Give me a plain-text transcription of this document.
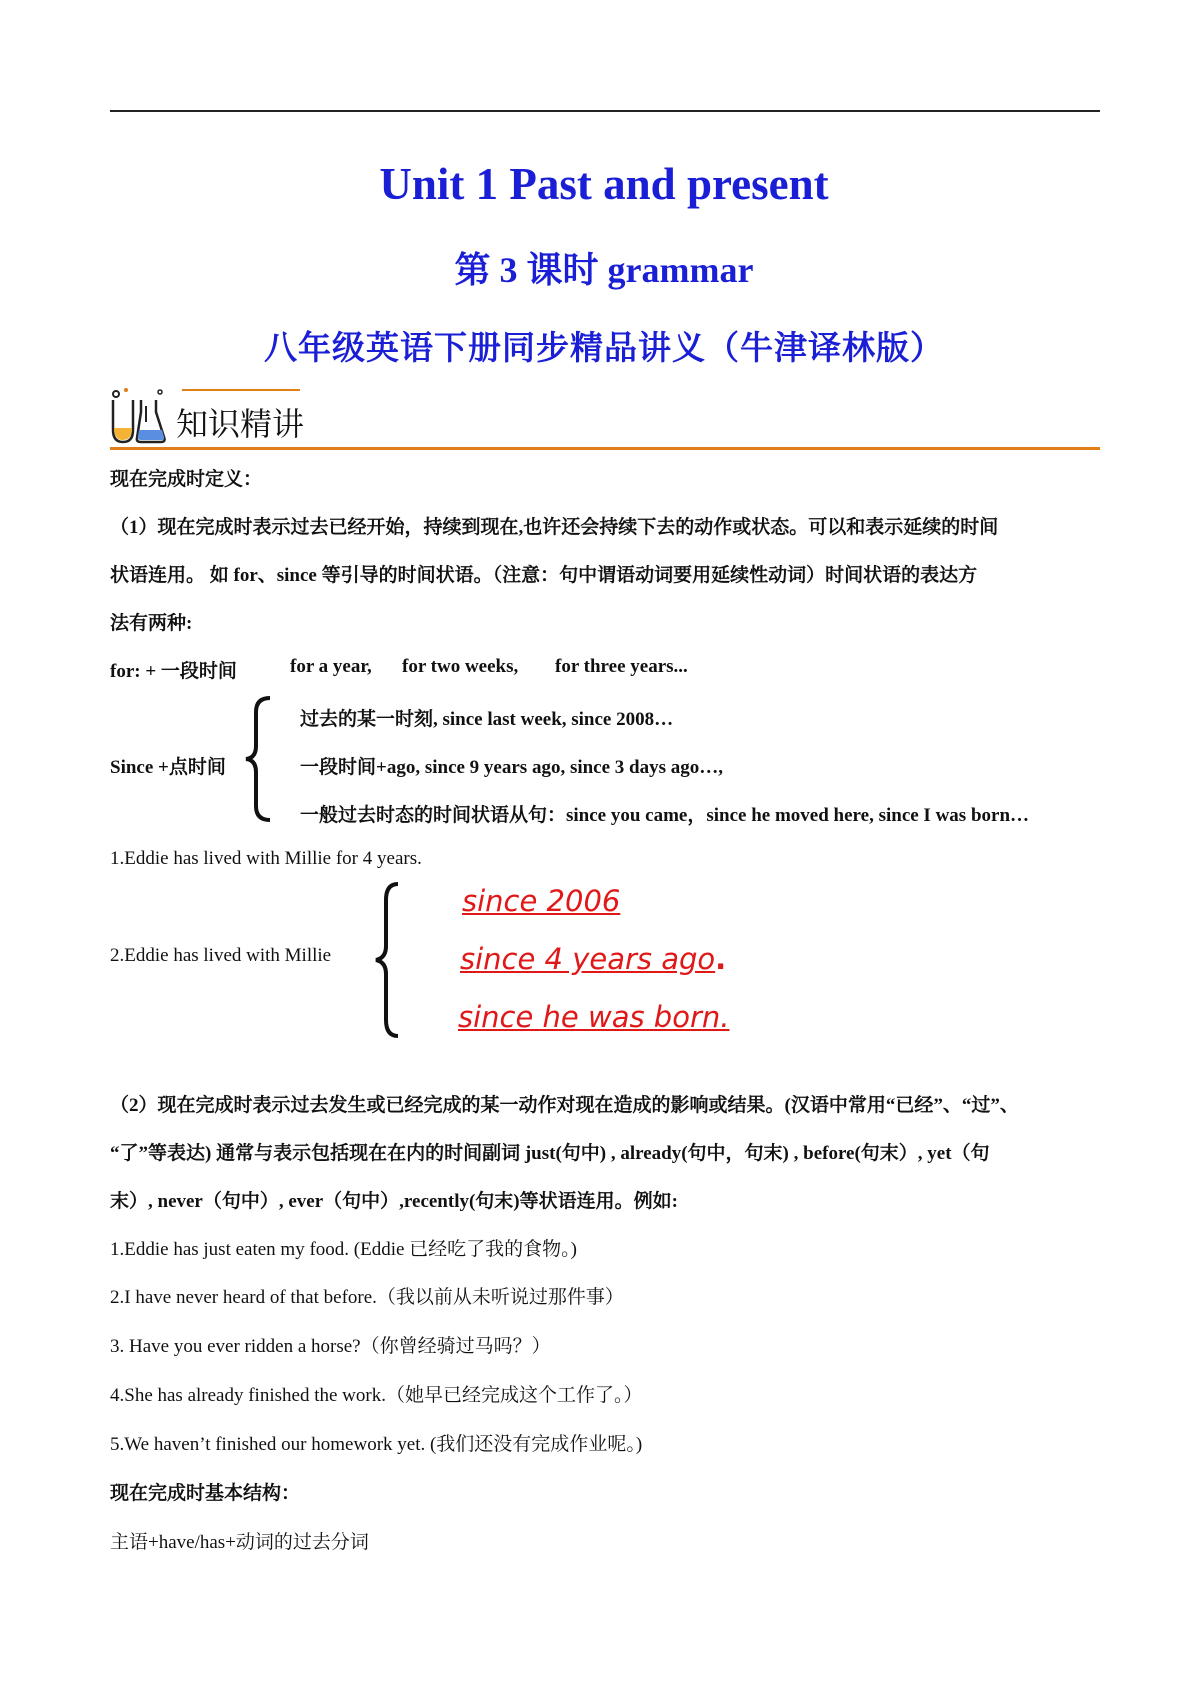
Unit 1 Past and present
第 3 课时 grammar
八年级英语下册同步精品讲义（牛津译林版）
知识精讲
现在完成时定义：
（1）现在完成时表示过去已经开始，持续到现在,也许还会持续下去的动作或状态。可以和表示延续的时间
状语连用。 如 for、since 等引导的时间状语。（注意：句中谓语动词要用延续性动词）时间状语的表达方
法有两种:
for: + 一段时间	for a year, for two weeks, for three years...
Since +点时间
过去的某一时刻, since last week, since 2008…
一段时间+ago, since 9 years ago, since 3 days ago…,
一般过去时态的时间状语从句：since you came，since he moved here, since I was born…
1.Eddie has lived with Millie for 4 years.
2.Eddie has lived with Millie
since 2006
since 4 years ago.
since he was born.
（2）现在完成时表示过去发生或已经完成的某一动作对现在造成的影响或结果。(汉语中常用“已经”、“过”、
“了”等表达) 通常与表示包括现在在内的时间副词 just(句中) , already(句中，句末) , before(句末）, yet（句
末）, never（句中）, ever（句中）,recently(句末)等状语连用。例如:
1.Eddie has just eaten my food. (Eddie 已经吃了我的食物。)
2.I have never heard of that before.（我以前从未听说过那件事）
3. Have you ever ridden a horse?（你曾经骑过马吗？）
4.She has already finished the work.（她早已经完成这个工作了。）
5.We haven’t finished our homework yet. (我们还没有完成作业呢。)
现在完成时基本结构：
主语+have/has+动词的过去分词
